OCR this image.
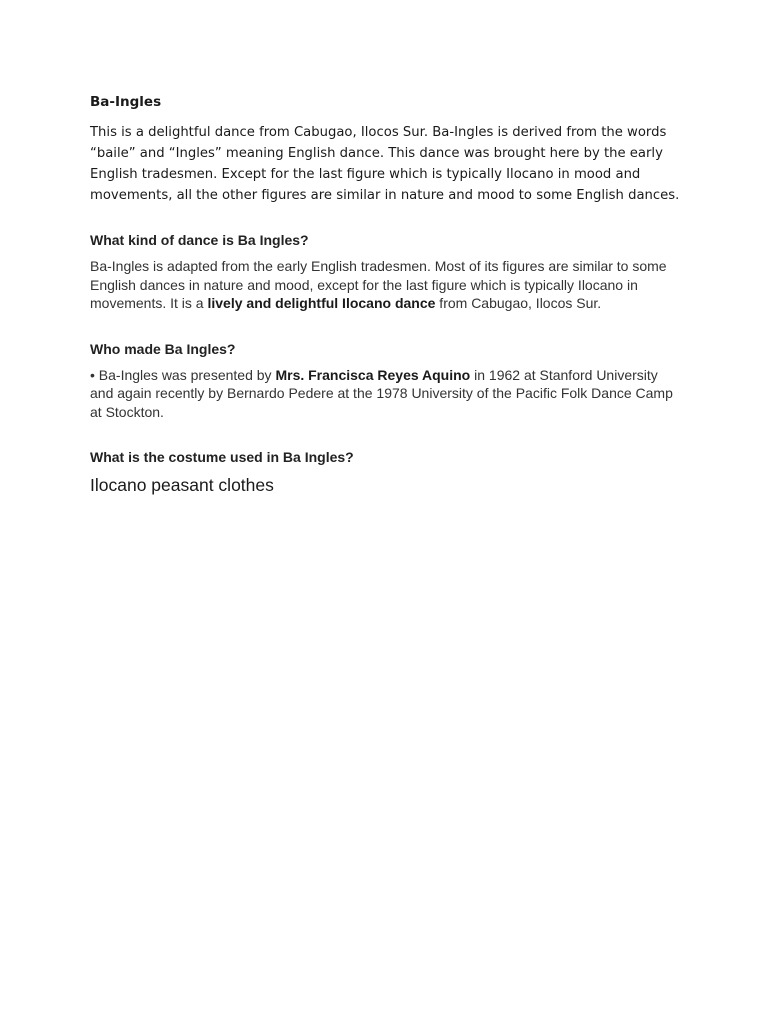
Ba-Ingles

This is a delightful dance from Cabugao, Ilocos Sur. Ba-Ingles is derived from the words “baile” and “Ingles” meaning English dance. This dance was brought here by the early English tradesmen. Except for the last figure which is typically Ilocano in mood and movements, all the other figures are similar in nature and mood to some English dances.

What kind of dance is Ba Ingles?

Ba-Ingles is adapted from the early English tradesmen. Most of its figures are similar to some English dances in nature and mood, except for the last figure which is typically Ilocano in movements. It is a lively and delightful Ilocano dance from Cabugao, Ilocos Sur.

Who made Ba Ingles?

• Ba-Ingles was presented by Mrs. Francisca Reyes Aquino in 1962 at Stanford University and again recently by Bernardo Pedere at the 1978 University of the Pacific Folk Dance Camp at Stockton.

What is the costume used in Ba Ingles?

Ilocano peasant clothes
